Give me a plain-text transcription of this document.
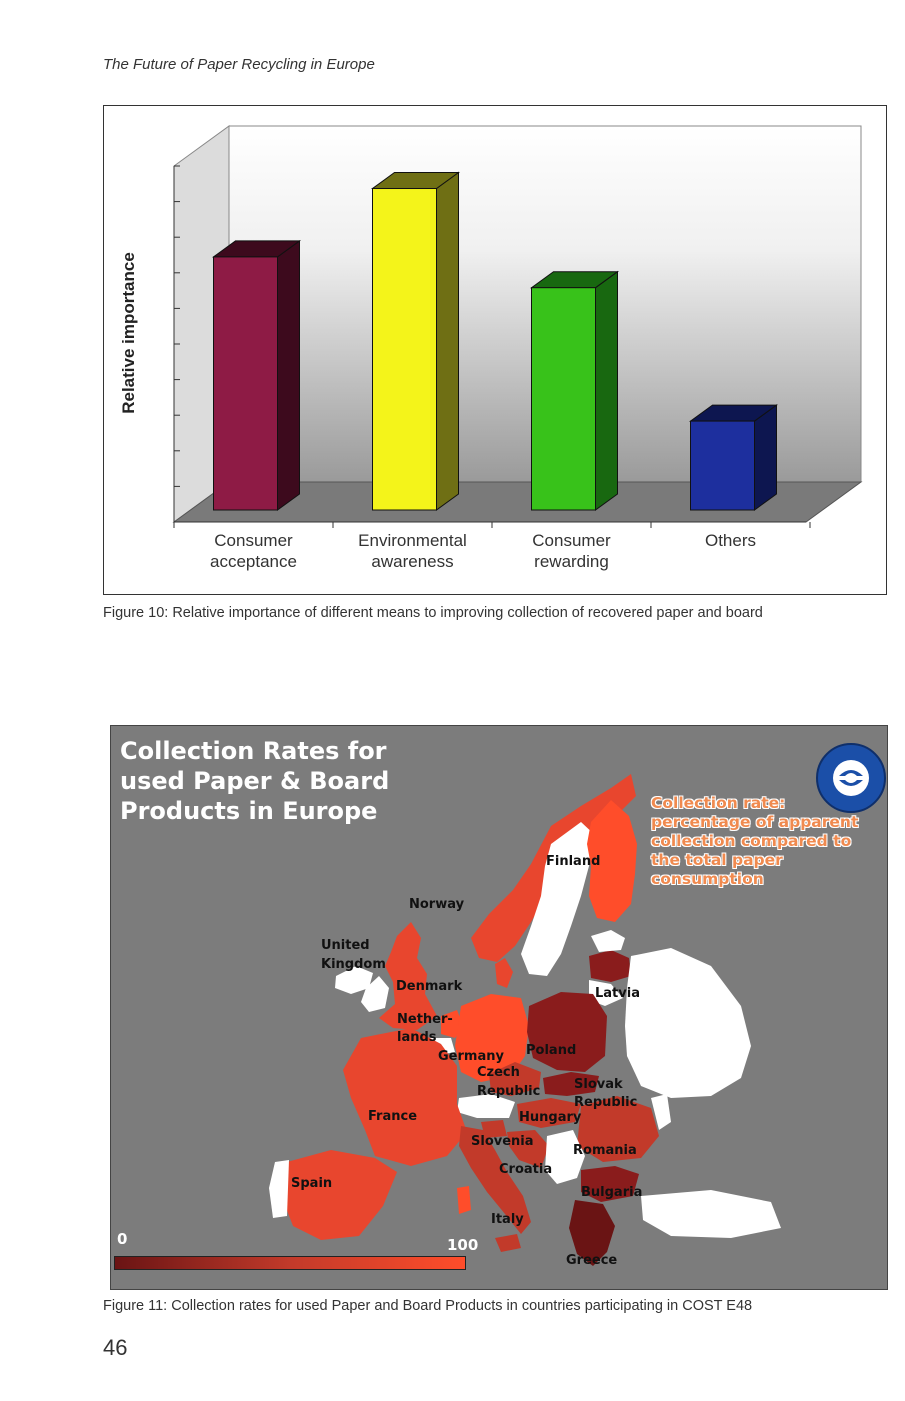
The Future of Paper Recycling in Europe
Consumer
acceptance
Environmental
awareness
Consumer
rewarding
Others
Relative importance
Figure 10: Relative importance of different means to improving collection of recovered paper and board
Collection Rates for
used Paper & Board
Products in Europe	Collection rate:
percentage of apparent
collection compared to
the total paper
consumption
Finland
Norway
United
Kingdom
Denmark	Latvia
Nether-
lands
Poland
Germany
Czech
Republic	Slovak
Republic
France	Hungary
Slovenia
Romania
Croatia
Spain
Bulgaria
Italy
Greece
0	100
Figure 11: Collection rates for used Paper and Board Products in countries participating in COST E48
46
